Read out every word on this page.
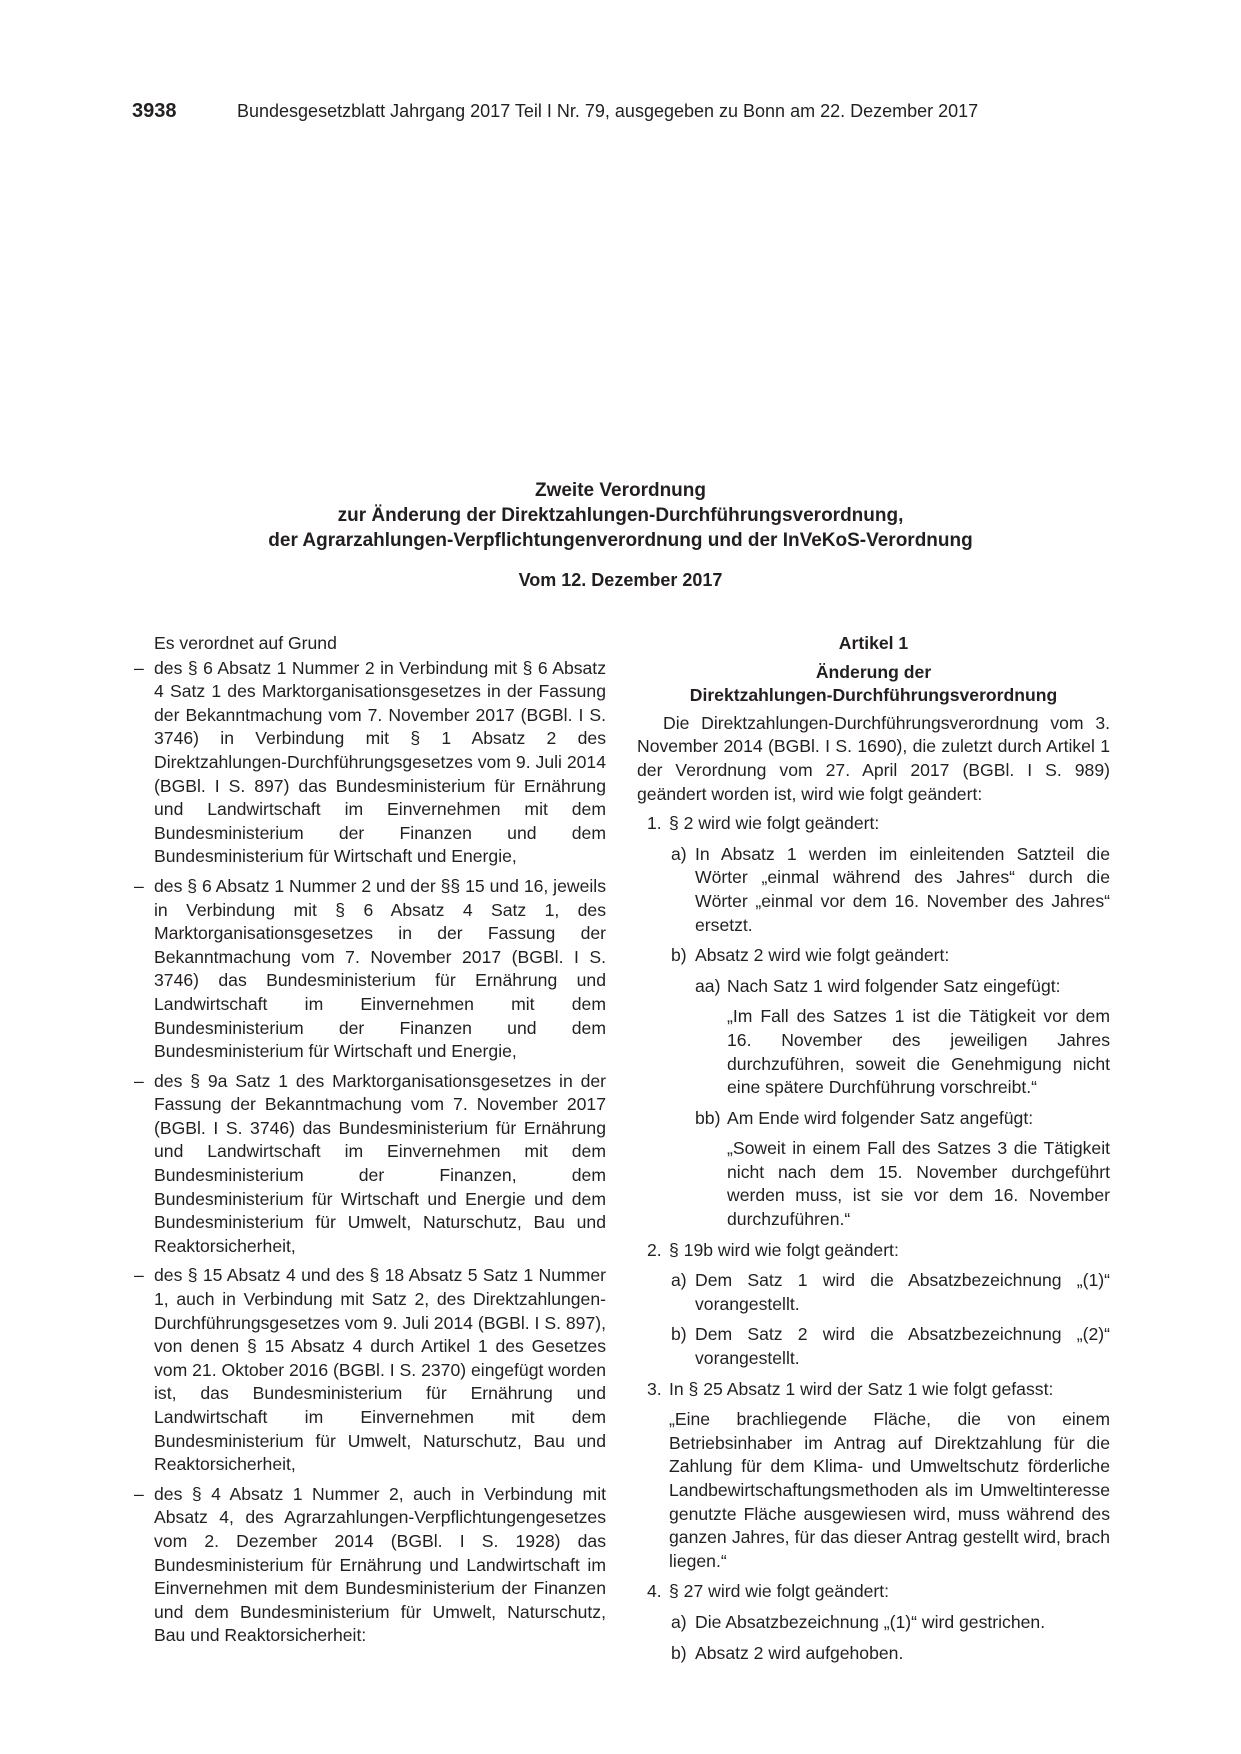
3938	Bundesgesetzblatt Jahrgang 2017 Teil I Nr. 79, ausgegeben zu Bonn am 22. Dezember 2017
Zweite Verordnung
zur Änderung der Direktzahlungen-Durchführungsverordnung,
der Agrarzahlungen-Verpflichtungenverordnung und der InVeKoS-Verordnung
Vom 12. Dezember 2017

Es verordnet auf Grund

– des § 6 Absatz 1 Nummer 2 in Verbindung mit § 6 Absatz 4 Satz 1 des Marktorganisationsgesetzes in der Fassung der Bekanntmachung vom 7. November 2017 (BGBl. I S. 3746) in Verbindung mit § 1 Absatz 2 des Direktzahlungen-Durchführungsgesetzes vom 9. Juli 2014 (BGBl. I S. 897) das Bundesministerium für Ernährung und Landwirtschaft im Einvernehmen mit dem Bundesministerium der Finanzen und dem Bundesministerium für Wirtschaft und Energie,

– des § 6 Absatz 1 Nummer 2 und der §§ 15 und 16, jeweils in Verbindung mit § 6 Absatz 4 Satz 1, des Marktorganisationsgesetzes in der Fassung der Bekanntmachung vom 7. November 2017 (BGBl. I S. 3746) das Bundesministerium für Ernährung und Landwirtschaft im Einvernehmen mit dem Bundesministerium der Finanzen und dem Bundesministerium für Wirtschaft und Energie,

– des § 9a Satz 1 des Marktorganisationsgesetzes in der Fassung der Bekanntmachung vom 7. November 2017 (BGBl. I S. 3746) das Bundesministerium für Ernährung und Landwirtschaft im Einvernehmen mit dem Bundesministerium der Finanzen, dem Bundesministerium für Wirtschaft und Energie und dem Bundesministerium für Umwelt, Naturschutz, Bau und Reaktorsicherheit,

– des § 15 Absatz 4 und des § 18 Absatz 5 Satz 1 Nummer 1, auch in Verbindung mit Satz 2, des Direktzahlungen-Durchführungsgesetzes vom 9. Juli 2014 (BGBl. I S. 897), von denen § 15 Absatz 4 durch Artikel 1 des Gesetzes vom 21. Oktober 2016 (BGBl. I S. 2370) eingefügt worden ist, das Bundesministerium für Ernährung und Landwirtschaft im Einvernehmen mit dem Bundesministerium für Umwelt, Naturschutz, Bau und Reaktorsicherheit,

– des § 4 Absatz 1 Nummer 2, auch in Verbindung mit Absatz 4, des Agrarzahlungen-Verpflichtungengesetzes vom 2. Dezember 2014 (BGBl. I S. 1928) das Bundesministerium für Ernährung und Landwirtschaft im Einvernehmen mit dem Bundesministerium der Finanzen und dem Bundesministerium für Umwelt, Naturschutz, Bau und Reaktorsicherheit:

Artikel 1
Änderung der
Direktzahlungen-Durchführungsverordnung

Die Direktzahlungen-Durchführungsverordnung vom 3. November 2014 (BGBl. I S. 1690), die zuletzt durch Artikel 1 der Verordnung vom 27. April 2017 (BGBl. I S. 989) geändert worden ist, wird wie folgt geändert:

1. § 2 wird wie folgt geändert:

a) In Absatz 1 werden im einleitenden Satzteil die Wörter „einmal während des Jahres“ durch die Wörter „einmal vor dem 16. November des Jahres“ ersetzt.

b) Absatz 2 wird wie folgt geändert:

aa) Nach Satz 1 wird folgender Satz eingefügt:

„Im Fall des Satzes 1 ist die Tätigkeit vor dem 16. November des jeweiligen Jahres durchzuführen, soweit die Genehmigung nicht eine spätere Durchführung vorschreibt.“

bb) Am Ende wird folgender Satz angefügt:

„Soweit in einem Fall des Satzes 3 die Tätigkeit nicht nach dem 15. November durchgeführt werden muss, ist sie vor dem 16. November durchzuführen.“

2. § 19b wird wie folgt geändert:

a) Dem Satz 1 wird die Absatzbezeichnung „(1)“ vorangestellt.

b) Dem Satz 2 wird die Absatzbezeichnung „(2)“ vorangestellt.

3. In § 25 Absatz 1 wird der Satz 1 wie folgt gefasst:

„Eine brachliegende Fläche, die von einem Betriebsinhaber im Antrag auf Direktzahlung für die Zahlung für dem Klima- und Umweltschutz förderliche Landbewirtschaftungsmethoden als im Umweltinteresse genutzte Fläche ausgewiesen wird, muss während des ganzen Jahres, für das dieser Antrag gestellt wird, brach liegen.“

4. § 27 wird wie folgt geändert:

a) Die Absatzbezeichnung „(1)“ wird gestrichen.

b) Absatz 2 wird aufgehoben.
